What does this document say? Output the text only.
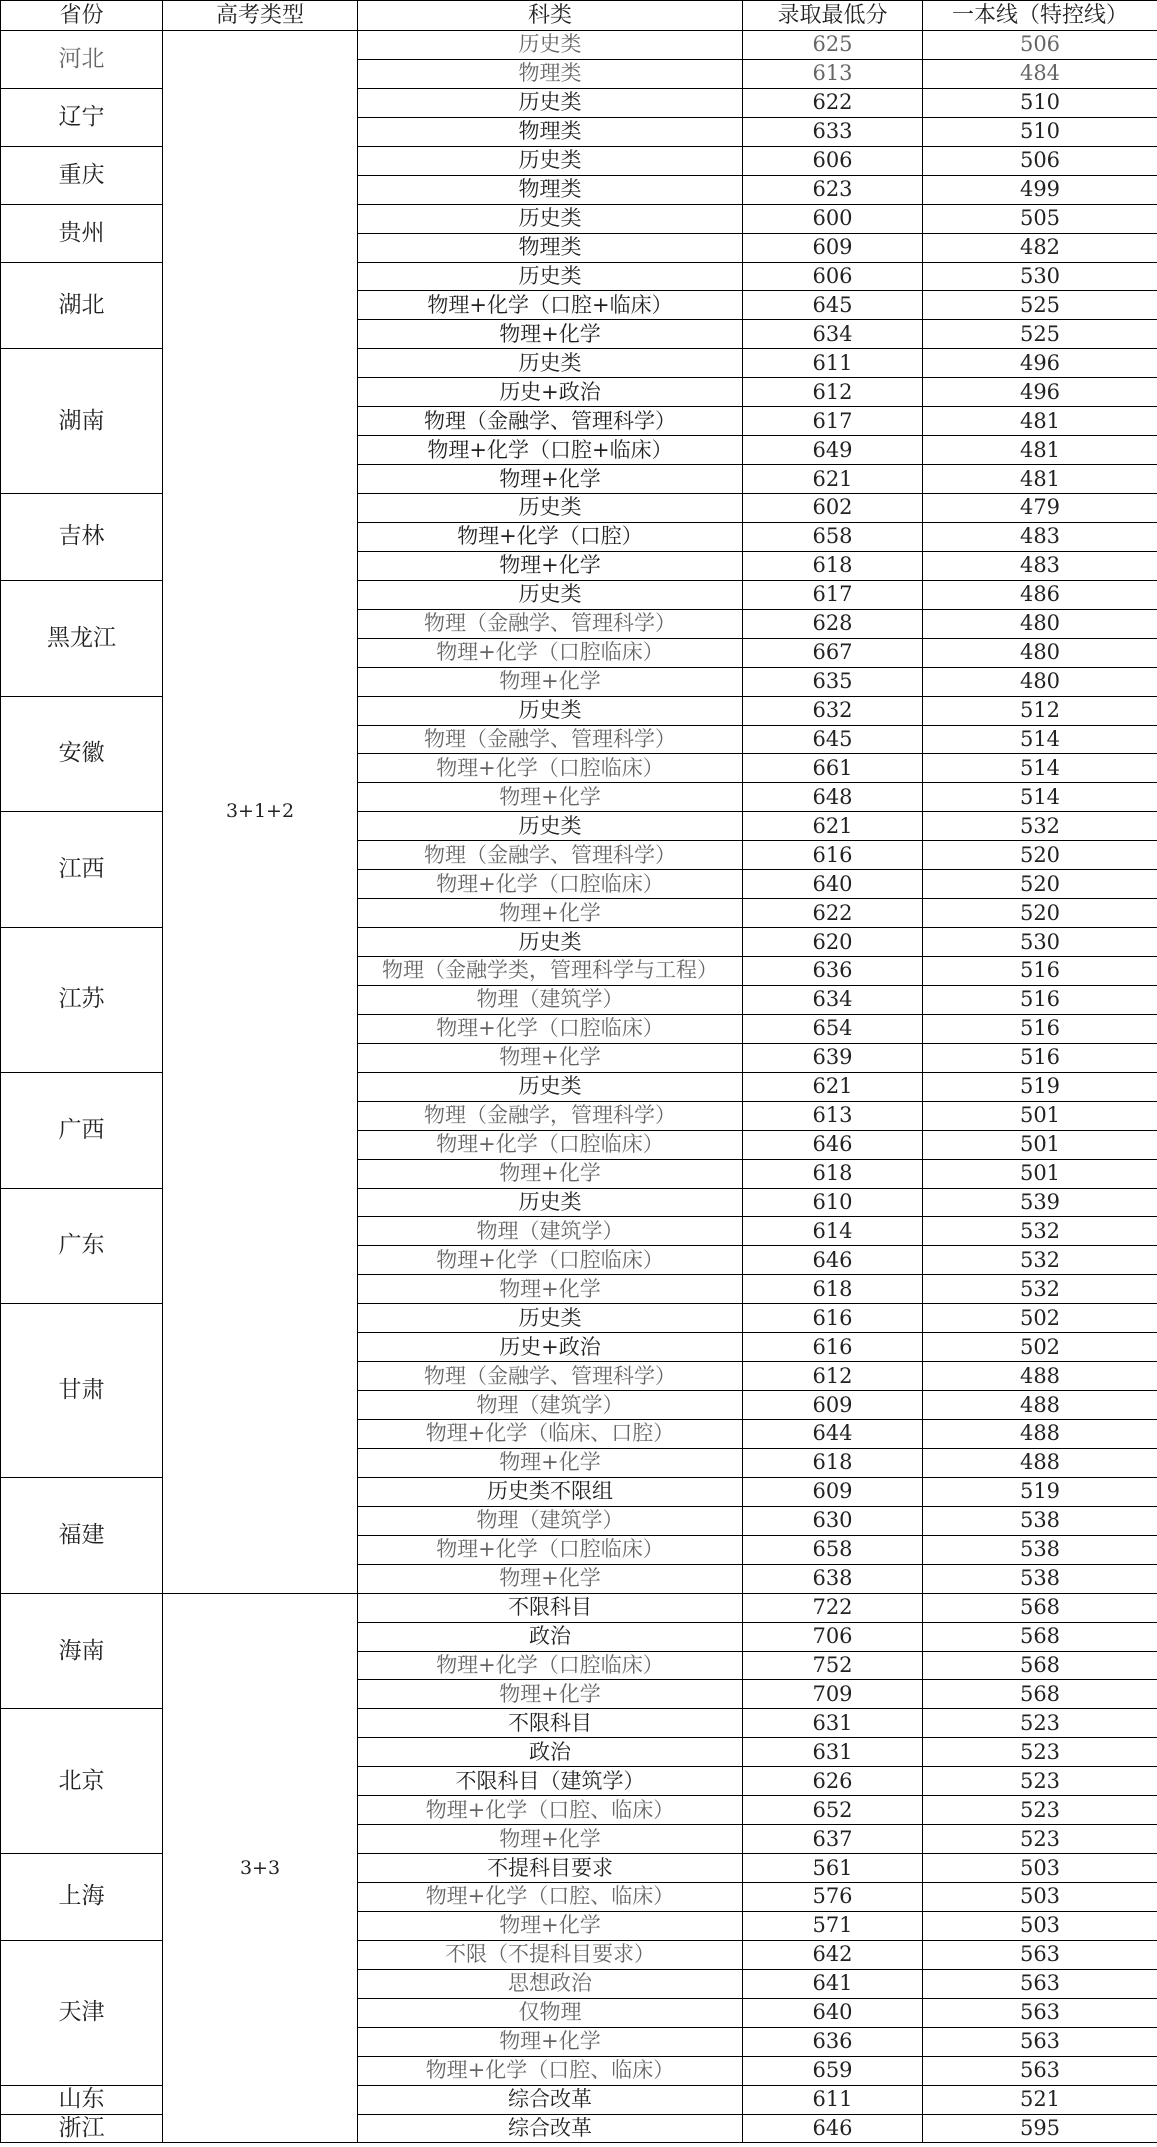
省份	高考类型	科类	录取最低分	一本线（特控线）
河北	3+1+2	历史类	625	506
		物理类	613	484
辽宁		历史类	622	510
		物理类	633	510
重庆		历史类	606	506
		物理类	623	499
贵州		历史类	600	505
		物理类	609	482
湖北		历史类	606	530
		物理+化学（口腔+临床）	645	525
		物理+化学	634	525
湖南		历史类	611	496
		历史+政治	612	496
		物理（金融学、管理科学）	617	481
		物理+化学（口腔+临床）	649	481
		物理+化学	621	481
吉林		历史类	602	479
		物理+化学（口腔）	658	483
		物理+化学	618	483
黑龙江		历史类	617	486
		物理（金融学、管理科学）	628	480
		物理+化学（口腔临床）	667	480
		物理+化学	635	480
安徽		历史类	632	512
		物理（金融学、管理科学）	645	514
		物理+化学（口腔临床）	661	514
		物理+化学	648	514
江西		历史类	621	532
		物理（金融学、管理科学）	616	520
		物理+化学（口腔临床）	640	520
		物理+化学	622	520
江苏		历史类	620	530
		物理（金融学类，管理科学与工程）	636	516
		物理（建筑学）	634	516
		物理+化学（口腔临床）	654	516
		物理+化学	639	516
广西		历史类	621	519
		物理（金融学，管理科学）	613	501
		物理+化学（口腔临床）	646	501
		物理+化学	618	501
广东		历史类	610	539
		物理（建筑学）	614	532
		物理+化学（口腔临床）	646	532
		物理+化学	618	532
甘肃		历史类	616	502
		历史+政治	616	502
		物理（金融学、管理科学）	612	488
		物理（建筑学）	609	488
		物理+化学（临床、口腔）	644	488
		物理+化学	618	488
福建		历史类不限组	609	519
		物理（建筑学）	630	538
		物理+化学（口腔临床）	658	538
		物理+化学	638	538
海南	3+3	不限科目	722	568
		政治	706	568
		物理+化学（口腔临床）	752	568
		物理+化学	709	568
北京		不限科目	631	523
		政治	631	523
		不限科目（建筑学）	626	523
		物理+化学（口腔、临床）	652	523
		物理+化学	637	523
上海		不提科目要求	561	503
		物理+化学（口腔、临床）	576	503
		物理+化学	571	503
天津		不限（不提科目要求）	642	563
		思想政治	641	563
		仅物理	640	563
		物理+化学	636	563
		物理+化学（口腔、临床）	659	563
山东		综合改革	611	521
浙江		综合改革	646	595
